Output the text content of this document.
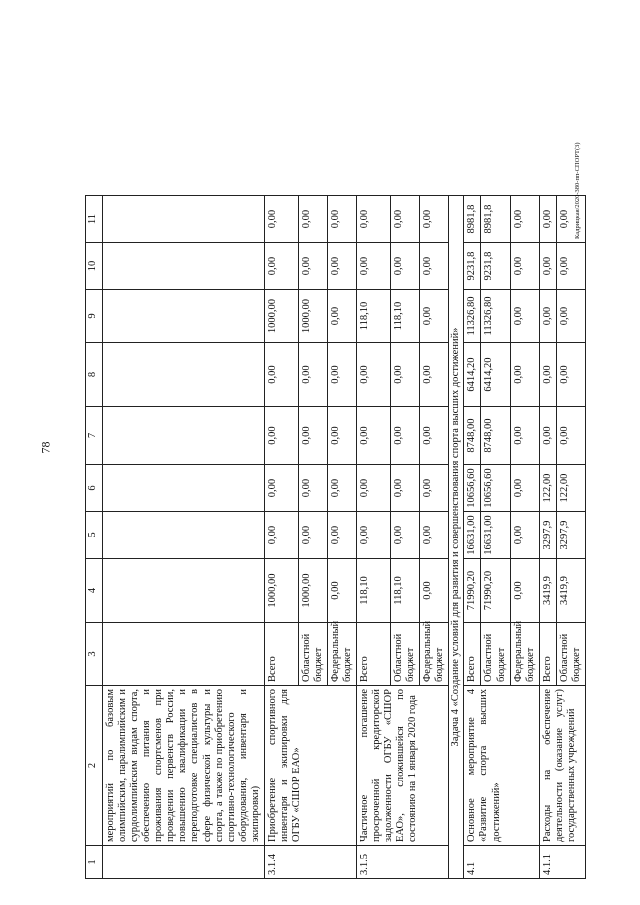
78
1	2	3	4	5	6	7	8	9	10	11	
	мероприятий по базовым олимпийским, паралимпийским и сурдолимпийским видам спорта, обеспечению питания и проживания спортсменов при проведении первенств России, повышению квалификации и переподготовке специалистов в сфере физической культуры и спорта, а также по приобретению спортивно-технологического оборудования, инвентаря и экипировки)										
3.1.4	Приобретение спортивного инвентаря и экипировки для ОГБУ «СШОР ЕАО»	Всего	1000,00	0,00	0,00	0,00	0,00	1000,00	0,00	0,00	
		Областной бюджет	1000,00	0,00	0,00	0,00	0,00	1000,00	0,00	0,00	
		Федеральный бюджет	0,00	0,00	0,00	0,00	0,00	0,00	0,00	0,00	
3.1.5	Частичное погашение просроченной кредиторской задолженности ОГБУ «СШОР ЕАО», сложившейся по состоянию на 1 января 2020 года	Всего	118,10	0,00	0,00	0,00	0,00	118,10	0,00	0,00	
		Областной бюджет	118,10	0,00	0,00	0,00	0,00	118,10	0,00	0,00	
		Федеральный бюджет	0,00	0,00	0,00	0,00	0,00	0,00	0,00	0,00	
Задача 4 «Создание условий для развития и совершенствования спорта высших достижений»											
4.1	Основное мероприятие 4 «Развитие спорта высших достижений»	Всего	71990,20	16631,00	10656,60	8748,00	6414,20	11326,80	9231,8	8981,8	
		Областной бюджет	71990,20	16631,00	10656,60	8748,00	6414,20	11326,80	9231,8	8981,8	
		Федеральный бюджет	0,00	0,00	0,00	0,00	0,00	0,00	0,00	0,00	
4.1.1	Расходы на обеспечение деятельности (оказание услуг) государственных учреждений	Всего	3419,9	3297,9	122,00	0,00	0,00	0,00	0,00	0,00	
		Областной бюджет	3419,9	3297,9	122,00	0,00	0,00	0,00	0,00	0,00 Кадрицкая/2020-380-пп-СПОРТ(3)	
